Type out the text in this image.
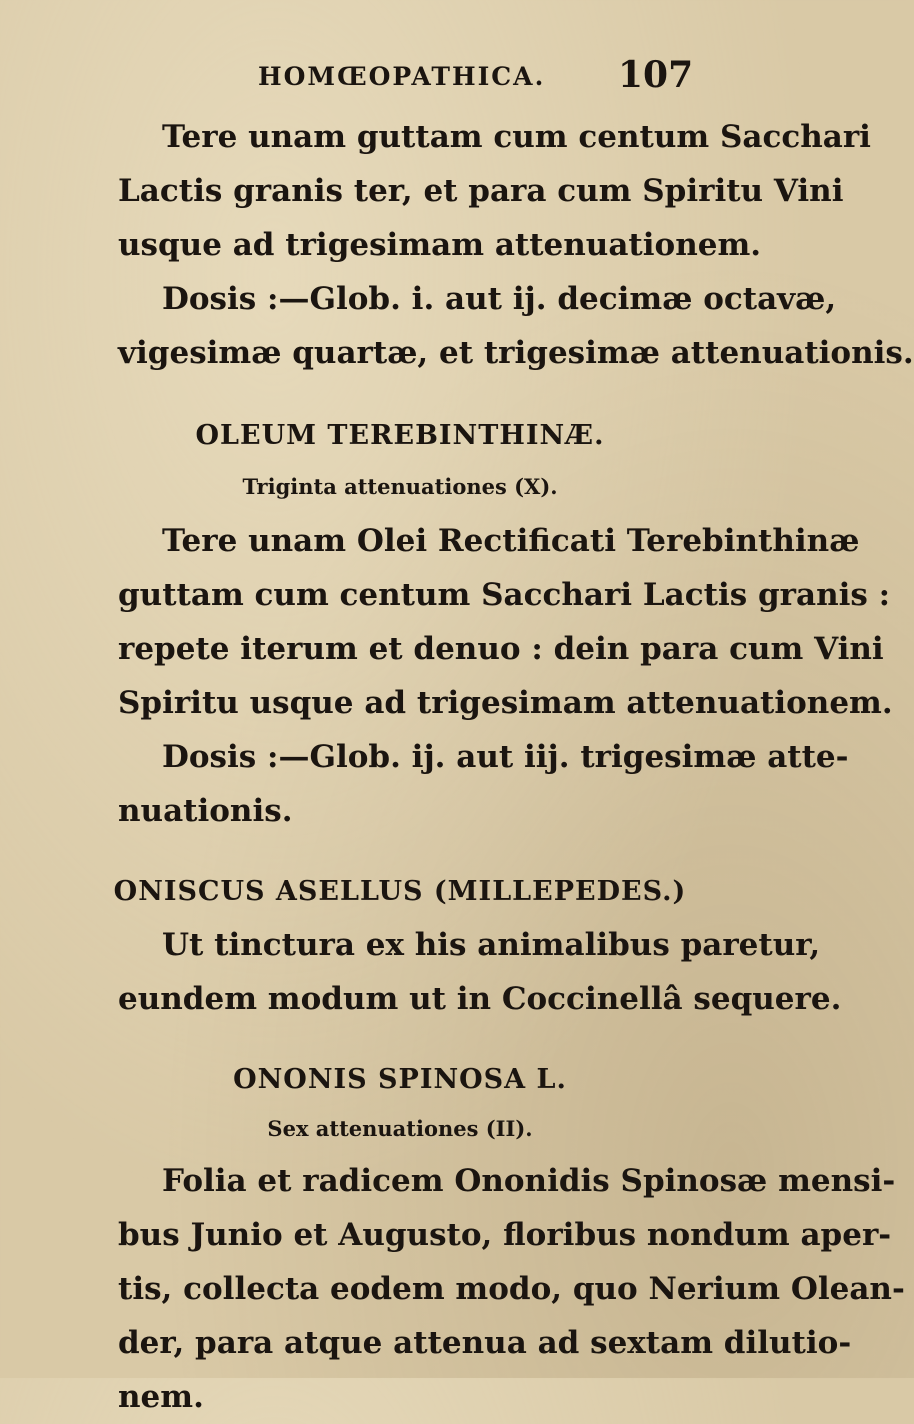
HOMŒOPATHICA. 107
Tere unam guttam cum centum Sacchari
Lactis granis ter, et para cum Spiritu Vini
usque ad trigesimam attenuationem.
Dosis :—Glob. i. aut ij. decimæ octavæ,
vigesimæ quartæ, et trigesimæ attenuationis.
OLEUM TEREBINTHINÆ.
Triginta attenuationes (X).
Tere unam Olei Rectificati Terebinthinæ
guttam cum centum Sacchari Lactis granis :
repete iterum et denuo : dein para cum Vini
Spiritu usque ad trigesimam attenuationem.
Dosis :—Glob. ij. aut iij. trigesimæ atte-
nuationis.
ONISCUS ASELLUS (MILLEPEDES.)
Ut tinctura ex his animalibus paretur,
eundem modum ut in Coccinellâ sequere.
ONONIS SPINOSA L.
Sex attenuationes (II).
Folia et radicem Ononidis Spinosæ mensi-
bus Junio et Augusto, floribus nondum aper-
tis, collecta eodem modo, quo Nerium Olean-
der, para atque attenua ad sextam dilutio-
nem.
